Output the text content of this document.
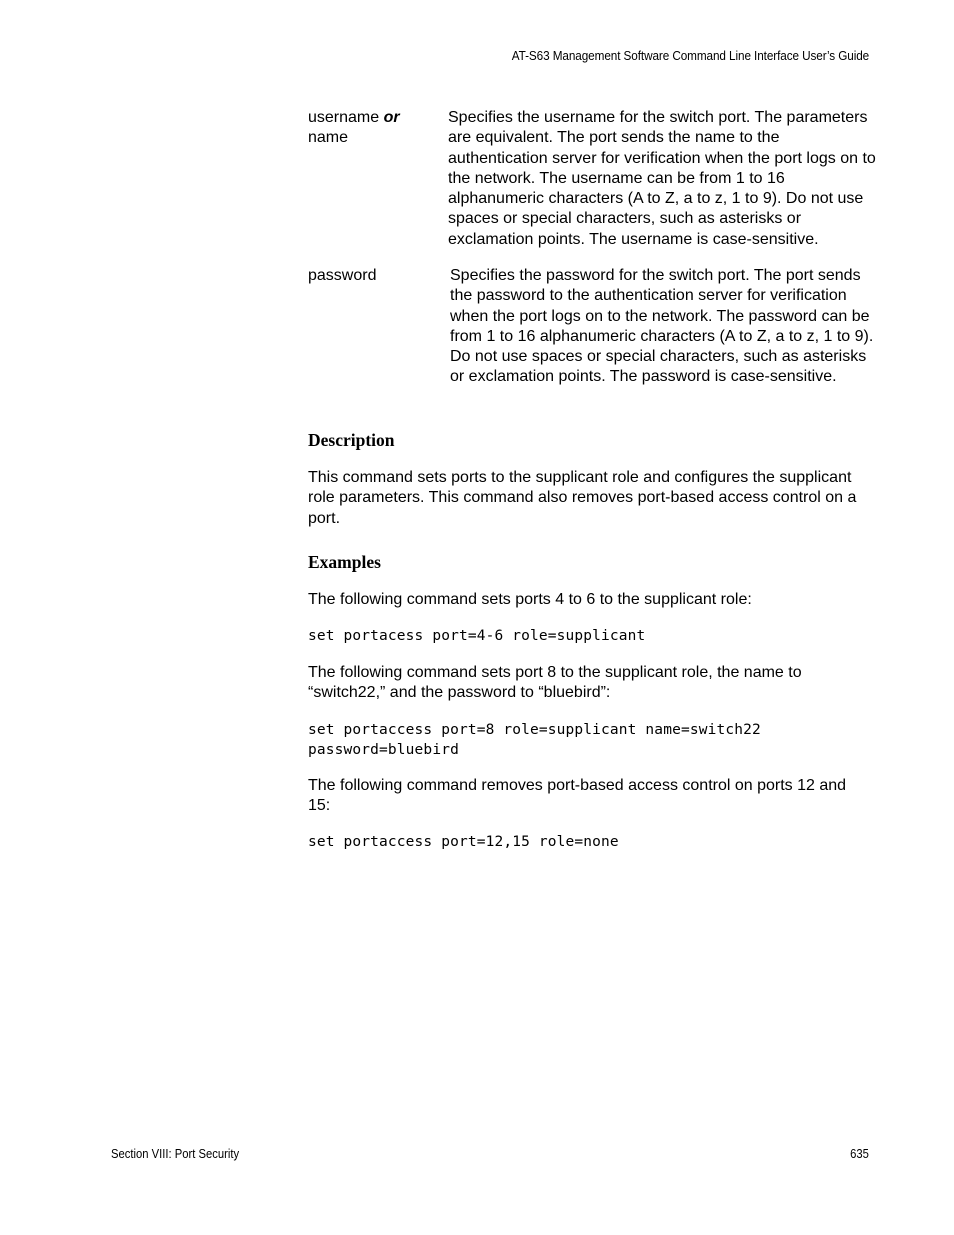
AT-S63 Management Software Command Line Interface User’s Guide
username or
name
Specifies the username for the switch port. The parameters are equivalent. The port sends the name to the authentication server for verification when the port logs on to the network. The username can be from 1 to 16 alphanumeric characters (A to Z, a to z, 1 to 9). Do not use spaces or special characters, such as asterisks or exclamation points. The username is case-sensitive.
password	Specifies the password for the switch port. The port sends the password to the authentication server for verification when the port logs on to the network. The password can be from 1 to 16 alphanumeric characters (A to Z, a to z, 1 to 9). Do not use spaces or special characters, such as asterisks or exclamation points. The password is case-sensitive.
Description
This command sets ports to the supplicant role and configures the supplicant role parameters. This command also removes port-based access control on a port.
Examples
The following command sets ports 4 to 6 to the supplicant role:
set portacess port=4-6 role=supplicant
The following command sets port 8 to the supplicant role, the name to “switch22,” and the password to “bluebird”:
set portaccess port=8 role=supplicant name=switch22
password=bluebird
The following command removes port-based access control on ports 12 and 15:
set portaccess port=12,15 role=none
Section VIII: Port Security	635
